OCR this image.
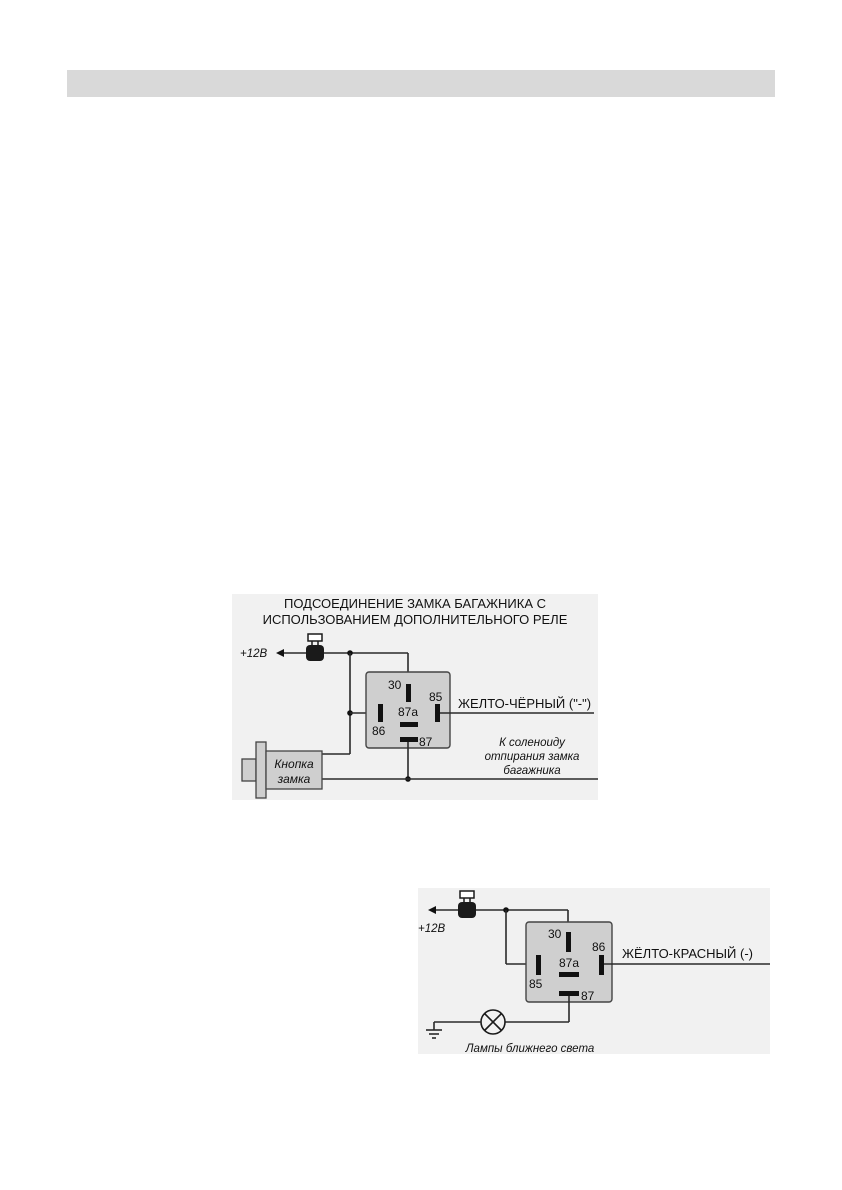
ПОДСОЕДИНЕНИЕ ЗАМКА БАГАЖНИКА С
ИСПОЛЬЗОВАНИЕМ ДОПОЛНИТЕЛЬНОГО РЕЛЕ
+12В
30
85
87a
86
87
ЖЕЛТО-ЧЁРНЫЙ ("-")
К соленоиду
отпирания замка
багажника
Кнопка
замка
+12В	30
86
87a
85
87
ЖЁЛТО-КРАСНЫЙ (-)
Лампы ближнего света
